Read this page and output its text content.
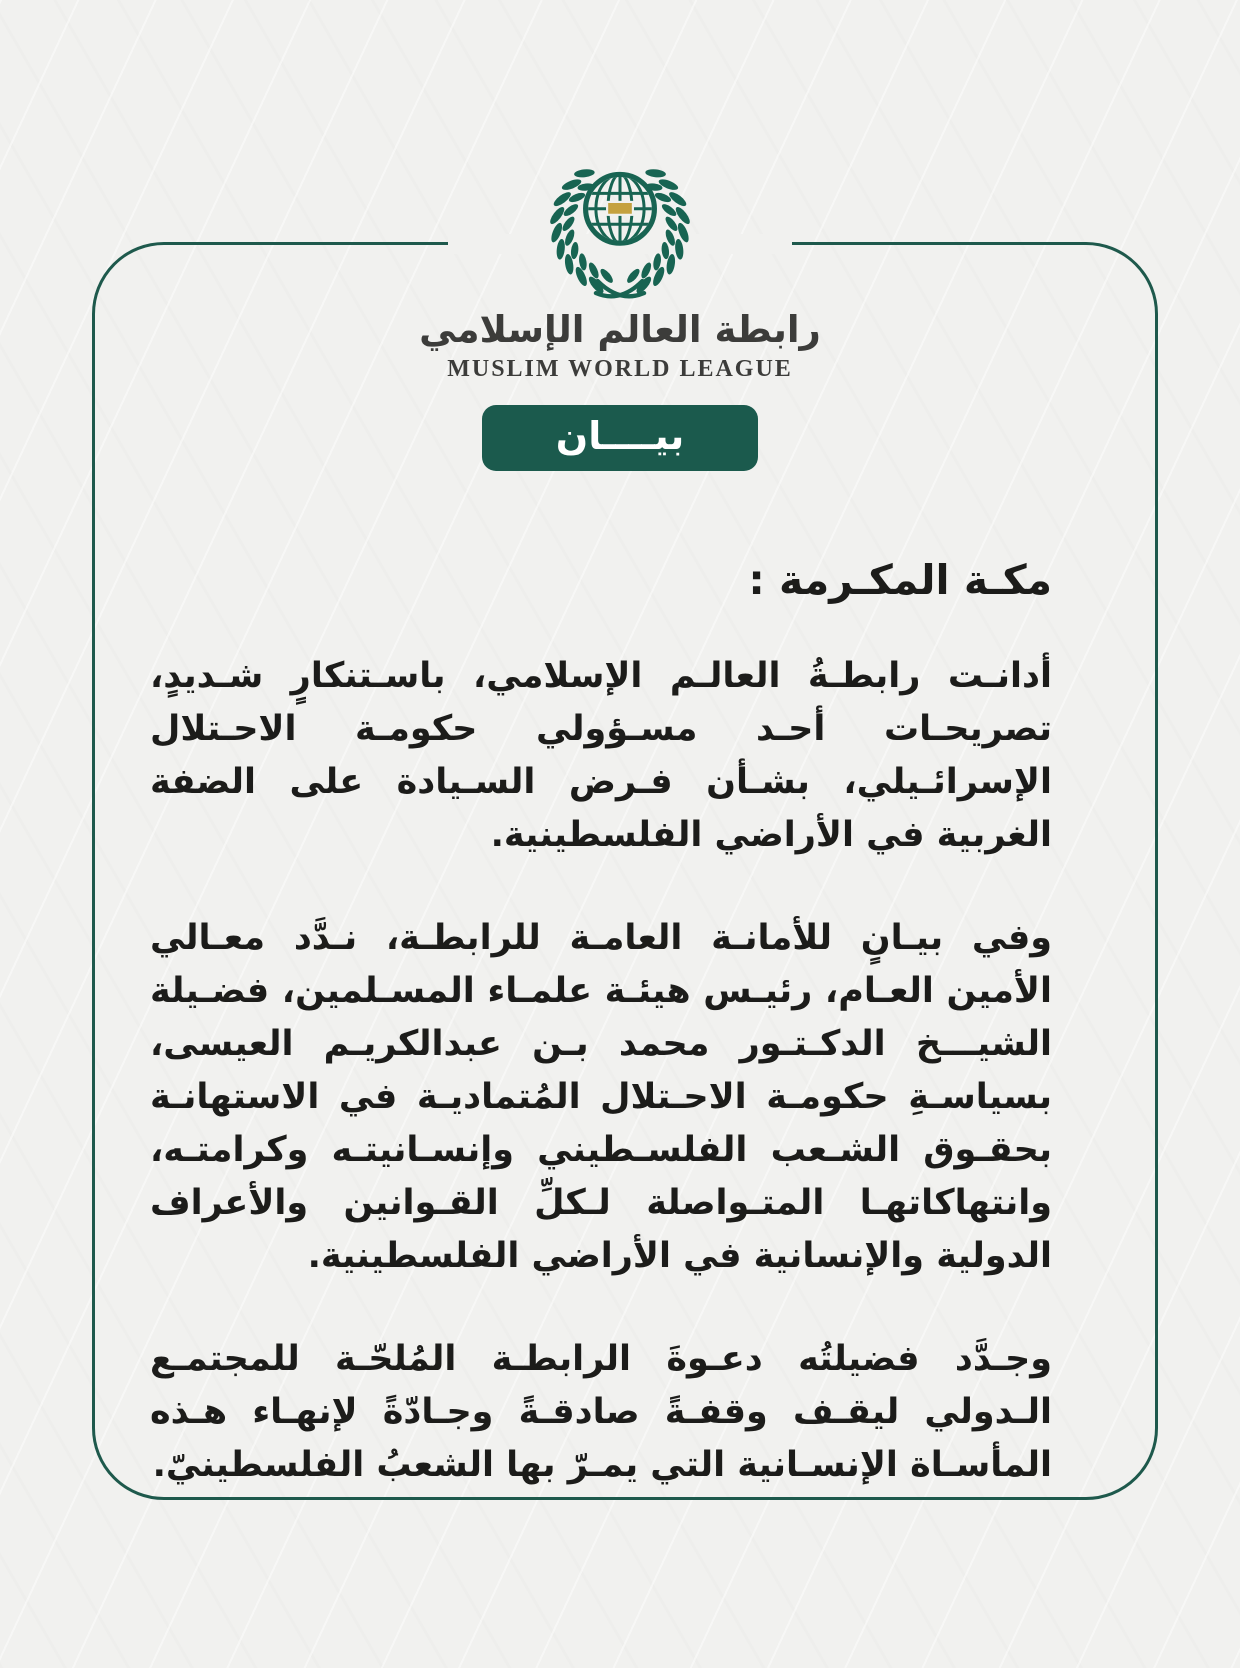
رابطة العالم الإسلامي
MUSLIM WORLD LEAGUE
بيــــان
مكـة المكـرمة :

أدانـت رابطـةُ العالـم الإسلامي، باسـتنكارٍ شـديدٍ، تصريحـات أحـد مسـؤولي حكومـة الاحـتلال الإسرائـيلي، بشـأن فـرض السـيادة على الضفة الغربية في الأراضي الفلسطينية.

وفي بيـانٍ للأمانـة العامـة للرابطـة، نـدَّد معـالي الأمين العـام، رئيـس هيئـة علمـاء المسـلمين، فضـيلة الشيـــخ الدكـتـور محمد بـن عبدالكريـم العيسى، بسياسـةِ حكومـة الاحـتلال المُتماديـة في الاستهانـة بحقـوق الشـعب الفلسـطيني وإنسـانيتـه وكرامتـه، وانتهاكاتهـا المتـواصلة لـكلِّ القـوانين والأعراف الدولية والإنسانية في الأراضي الفلسطينية.

وجـدَّد فضيلتُه دعـوةَ الرابطـة المُلحّـة للمجتمـع الـدولي ليقـف وقفـةً صادقـةً وجـادّةً لإنهـاء هـذه المأسـاة الإنسـانية التي يمـرّ بها الشعبُ الفلسطينيّ.
